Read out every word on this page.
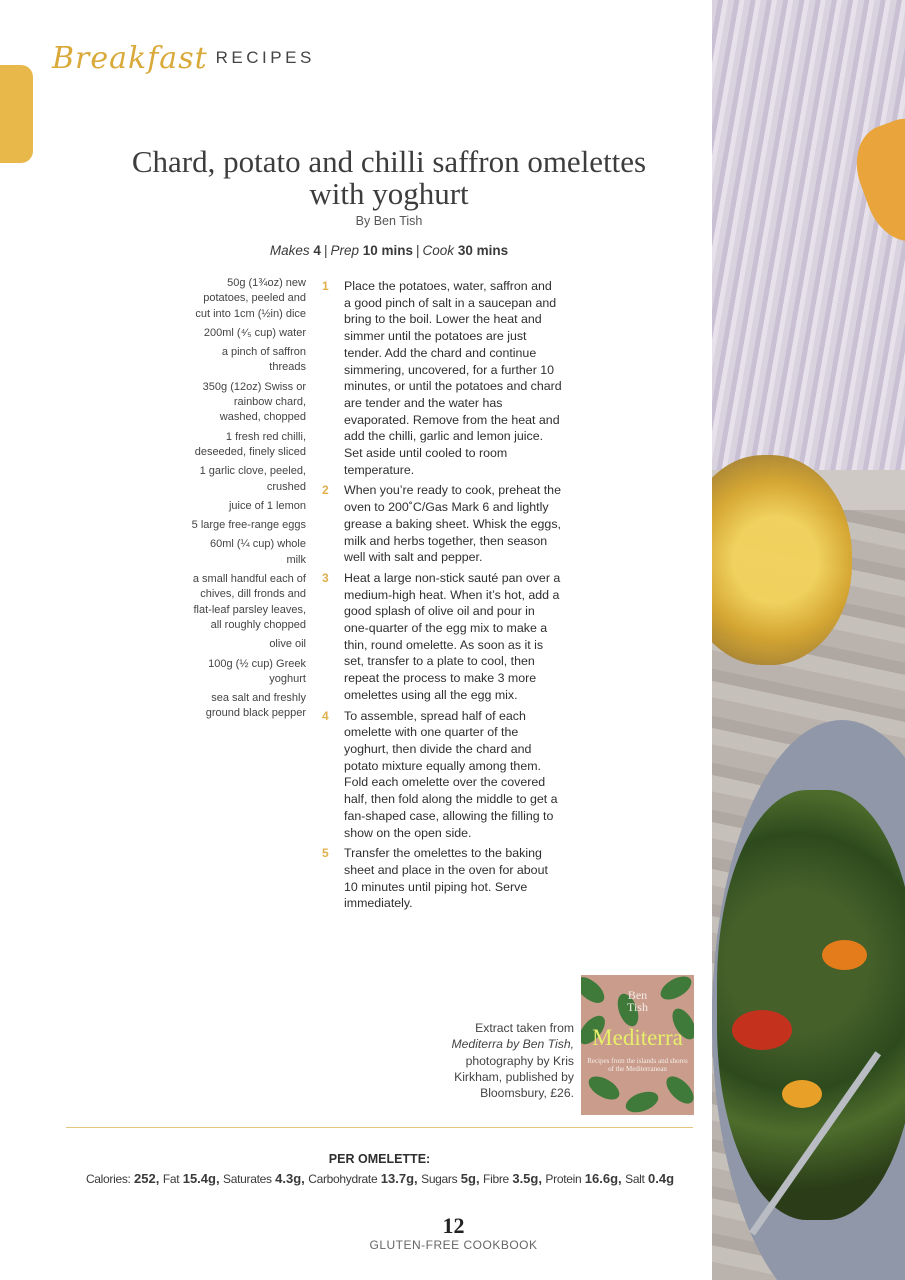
Breakfast RECIPES
Chard, potato and chilli saffron omelettes
with yoghurt
By Ben Tish
Makes 4 | Prep 10 mins | Cook 30 mins
50g (1¾oz) new potatoes, peeled and cut into 1cm (½in) dice
200ml (⁴⁄₅ cup) water
a pinch of saffron threads
350g (12oz) Swiss or rainbow chard, washed, chopped
1 fresh red chilli, deseeded, finely sliced
1 garlic clove, peeled, crushed
juice of 1 lemon
5 large free-range eggs
60ml (¼ cup) whole milk
a small handful each of chives, dill fronds and flat-leaf parsley leaves, all roughly chopped
olive oil
100g (½ cup) Greek yoghurt
sea salt and freshly ground black pepper
1	Place the potatoes, water, saffron and a good pinch of salt in a saucepan and bring to the boil. Lower the heat and simmer until the potatoes are just tender. Add the chard and continue simmering, uncovered, for a further 10 minutes, or until the potatoes and chard are tender and the water has evaporated. Remove from the heat and add the chilli, garlic and lemon juice. Set aside until cooled to room temperature.
2	When you’re ready to cook, preheat the oven to 200˚C/Gas Mark 6 and lightly grease a baking sheet. Whisk the eggs, milk and herbs together, then season well with salt and pepper.
3	Heat a large non-stick sauté pan over a medium-high heat. When it’s hot, add a good splash of olive oil and pour in one-quarter of the egg mix to make a thin, round omelette. As soon as it is set, transfer to a plate to cool, then repeat the process to make 3 more omelettes using all the egg mix.
4	To assemble, spread half of each omelette with one quarter of the yoghurt, then divide the chard and potato mixture equally among them. Fold each omelette over the covered half, then fold along the middle to get a fan-shaped case, allowing the filling to show on the open side.
5	Transfer the omelettes to the baking sheet and place in the oven for about 10 minutes until piping hot. Serve immediately.
Extract taken from Mediterra by Ben Tish, photography by Kris Kirkham, published by Bloomsbury, £26.
Ben
Tish
Mediterra
Recipes from the islands and shores of the Mediterranean
PER OMELETTE:
Calories: 252, Fat 15.4g, Saturates 4.3g, Carbohydrate 13.7g, Sugars 5g, Fibre 3.5g, Protein 16.6g, Salt 0.4g
12
GLUTEN-FREE COOKBOOK
